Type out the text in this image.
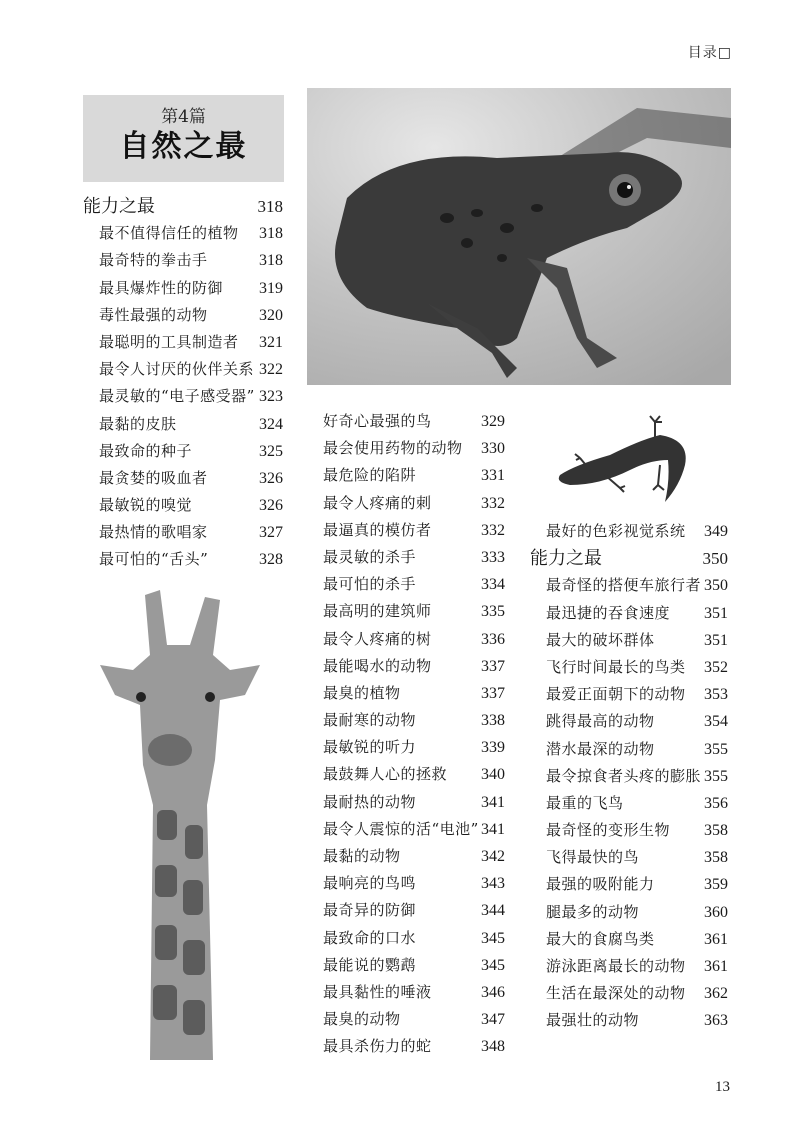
目录□
第4篇
自然之最
能力之最	318
最不值得信任的植物 318
最奇特的拳击手	318
最具爆炸性的防御 319
毒性最强的动物	320
最聪明的工具制造者 321
最令人讨厌的伙伴关系 322
最灵敏的“电子感受器” 323
最黏的皮肤	324
最致命的种子	325
最贪婪的吸血者	326
最敏锐的嗅觉	326
最热情的歌唱家	327
最可怕的“舌头”	328
好奇心最强的鸟	329
最会使用药物的动物 330
最危险的陷阱	331
最令人疼痛的刺	332
最逼真的模仿者	332
最灵敏的杀手	333
最可怕的杀手	334
最高明的建筑师	335
最令人疼痛的树	336
最能喝水的动物	337
最臭的植物	337
最耐寒的动物	338
最敏锐的听力	339
最鼓舞人心的拯救 340
最耐热的动物	341
最令人震惊的活“电池” 341
最黏的动物	342
最响亮的鸟鸣	343
最奇异的防御	344
最致命的口水	345
最能说的鹦鹉	345
最具黏性的唾液	346
最臭的动物	347
最具杀伤力的蛇	348
最好的色彩视觉系统 349
能力之最	350
最奇怪的搭便车旅行者 350
最迅捷的吞食速度 351
最大的破坏群体	351
飞行时间最长的鸟类 352
最爱正面朝下的动物 353
跳得最高的动物	354
潜水最深的动物	355
最令掠食者头疼的膨胀 355
最重的飞鸟	356
最奇怪的变形生物 358
飞得最快的鸟	358
最强的吸附能力	359
腿最多的动物	360
最大的食腐鸟类	361
游泳距离最长的动物 361
生活在最深处的动物 362
最强壮的动物	363
13
